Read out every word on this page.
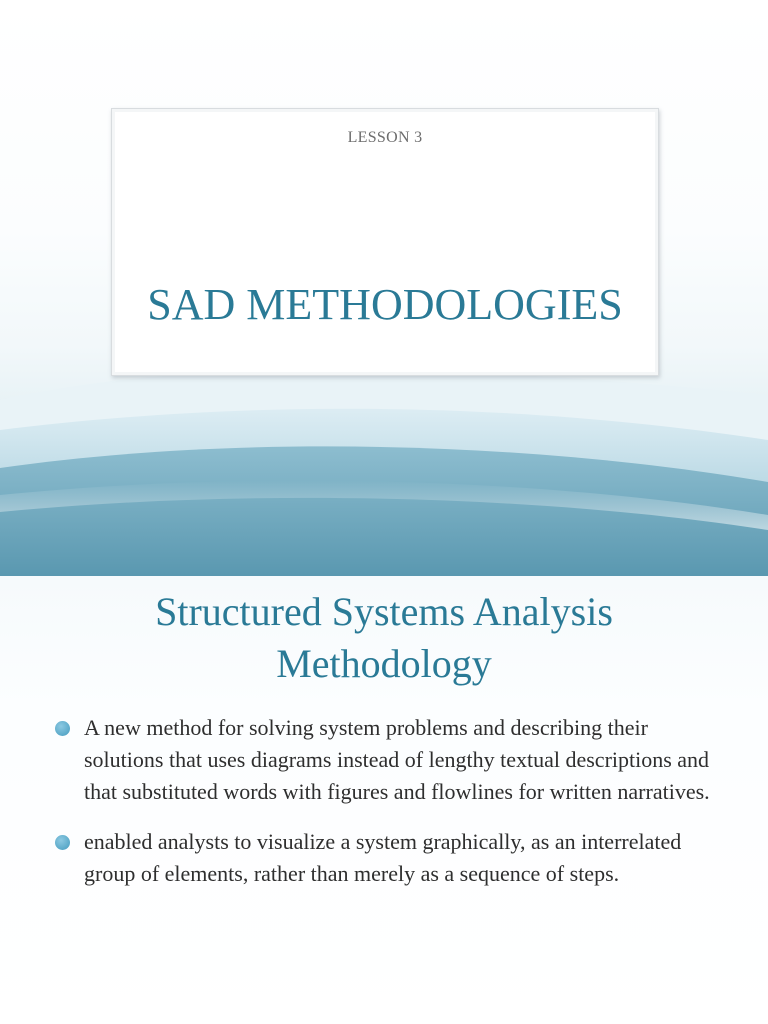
LESSON 3
SAD METHODOLOGIES
Structured Systems Analysis
Methodology
A new method for solving system problems and describing their solutions that uses diagrams instead of lengthy textual descriptions and that substituted words with figures and flowlines for written narratives.
enabled analysts to visualize a system graphically, as an interrelated group of elements, rather than merely as a sequence of steps.
